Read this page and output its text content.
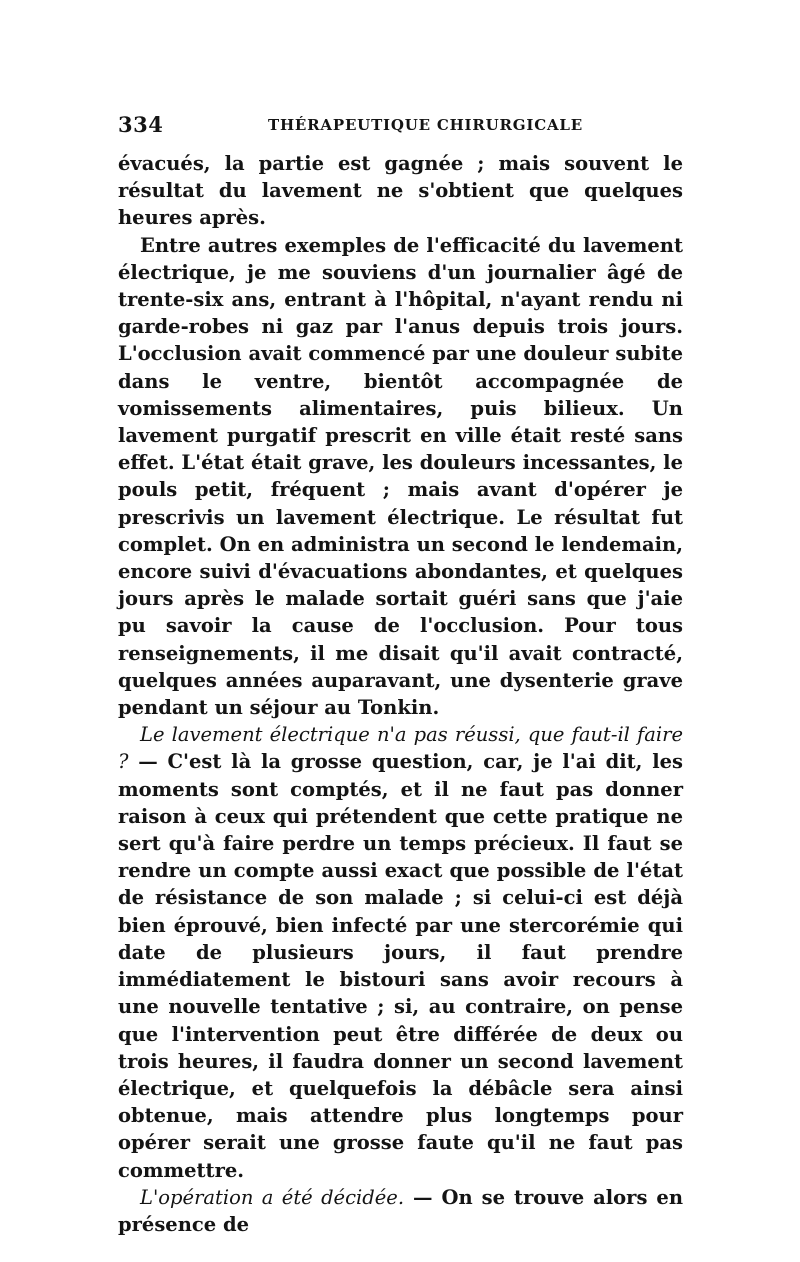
334	THÉRAPEUTIQUE CHIRURGICALE

évacués, la partie est gagnée ; mais souvent le résultat du lavement ne s'obtient que quelques heures après.

Entre autres exemples de l'efficacité du lavement électrique, je me souviens d'un journalier âgé de trente-six ans, entrant à l'hôpital, n'ayant rendu ni garde-robes ni gaz par l'anus depuis trois jours. L'occlusion avait commencé par une douleur subite dans le ventre, bientôt accompagnée de vomissements alimentaires, puis bilieux. Un lavement purgatif prescrit en ville était resté sans effet. L'état était grave, les douleurs incessantes, le pouls petit, fréquent ; mais avant d'opérer je prescrivis un lavement électrique. Le résultat fut complet. On en administra un second le lendemain, encore suivi d'évacuations abondantes, et quelques jours après le malade sortait guéri sans que j'aie pu savoir la cause de l'occlusion. Pour tous renseignements, il me disait qu'il avait contracté, quelques années auparavant, une dysenterie grave pendant un séjour au Tonkin.

Le lavement électrique n'a pas réussi, que faut-il faire ? — C'est là la grosse question, car, je l'ai dit, les moments sont comptés, et il ne faut pas donner raison à ceux qui prétendent que cette pratique ne sert qu'à faire perdre un temps précieux. Il faut se rendre un compte aussi exact que possible de l'état de résistance de son malade ; si celui-ci est déjà bien éprouvé, bien infecté par une stercorémie qui date de plusieurs jours, il faut prendre immédiatement le bistouri sans avoir recours à une nouvelle tentative ; si, au contraire, on pense que l'intervention peut être différée de deux ou trois heures, il faudra donner un second lavement électrique, et quelquefois la débâcle sera ainsi obtenue, mais attendre plus longtemps pour opérer serait une grosse faute qu'il ne faut pas commettre.

L'opération a été décidée. — On se trouve alors en présence de
